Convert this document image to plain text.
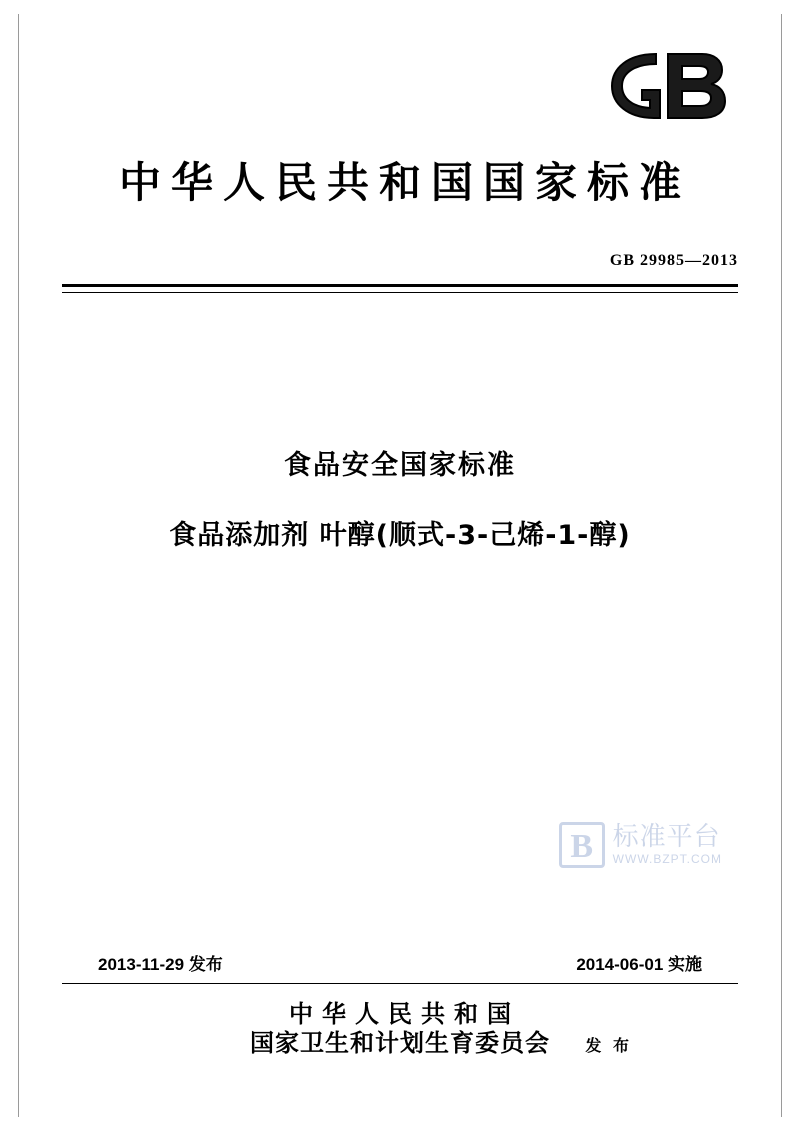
中华人民共和国国家标准
GB 29985—2013
食品安全国家标准
食品添加剂 叶醇(顺式-3-己烯-1-醇)
B 标准平台
WWW.BZPT.COM
2013-11-29 发布	2014-06-01 实施
中华人民共和国
国家卫生和计划生育委员会 发 布
